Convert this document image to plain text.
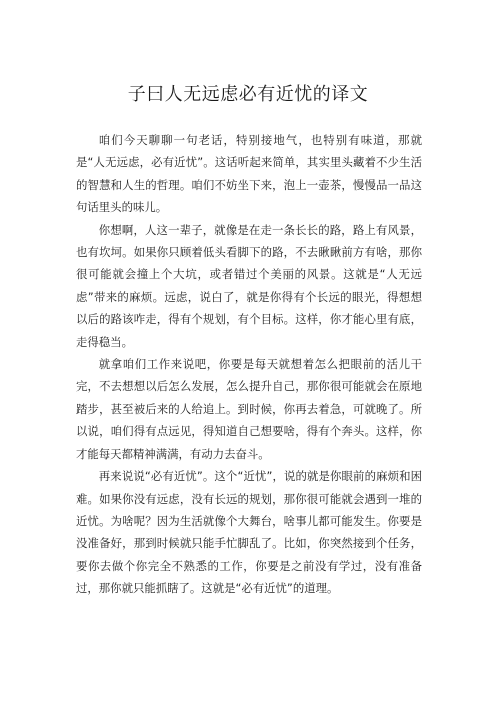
子曰人无远虑必有近忧的译文

咱们今天聊聊一句老话，特别接地气，也特别有味道，那就是“人无远虑，必有近忧”。这话听起来简单，其实里头藏着不少生活的智慧和人生的哲理。咱们不妨坐下来，泡上一壶茶，慢慢品一品这句话里头的味儿。

你想啊，人这一辈子，就像是在走一条长长的路，路上有风景，也有坎坷。如果你只顾着低头看脚下的路，不去瞅瞅前方有啥，那你很可能就会撞上个大坑，或者错过个美丽的风景。这就是“人无远虑”带来的麻烦。远虑，说白了，就是你得有个长远的眼光，得想想以后的路该咋走，得有个规划，有个目标。这样，你才能心里有底，走得稳当。

就拿咱们工作来说吧，你要是每天就想着怎么把眼前的活儿干完，不去想想以后怎么发展，怎么提升自己，那你很可能就会在原地踏步，甚至被后来的人给追上。到时候，你再去着急，可就晚了。所以说，咱们得有点远见，得知道自己想要啥，得有个奔头。这样，你才能每天都精神满满，有动力去奋斗。

再来说说“必有近忧”。这个“近忧”，说的就是你眼前的麻烦和困难。如果你没有远虑，没有长远的规划，那你很可能就会遇到一堆的近忧。为啥呢？因为生活就像个大舞台，啥事儿都可能发生。你要是没准备好，那到时候就只能手忙脚乱了。比如，你突然接到个任务，要你去做个你完全不熟悉的工作，你要是之前没有学过，没有准备过，那你就只能抓瞎了。这就是“必有近忧”的道理。
